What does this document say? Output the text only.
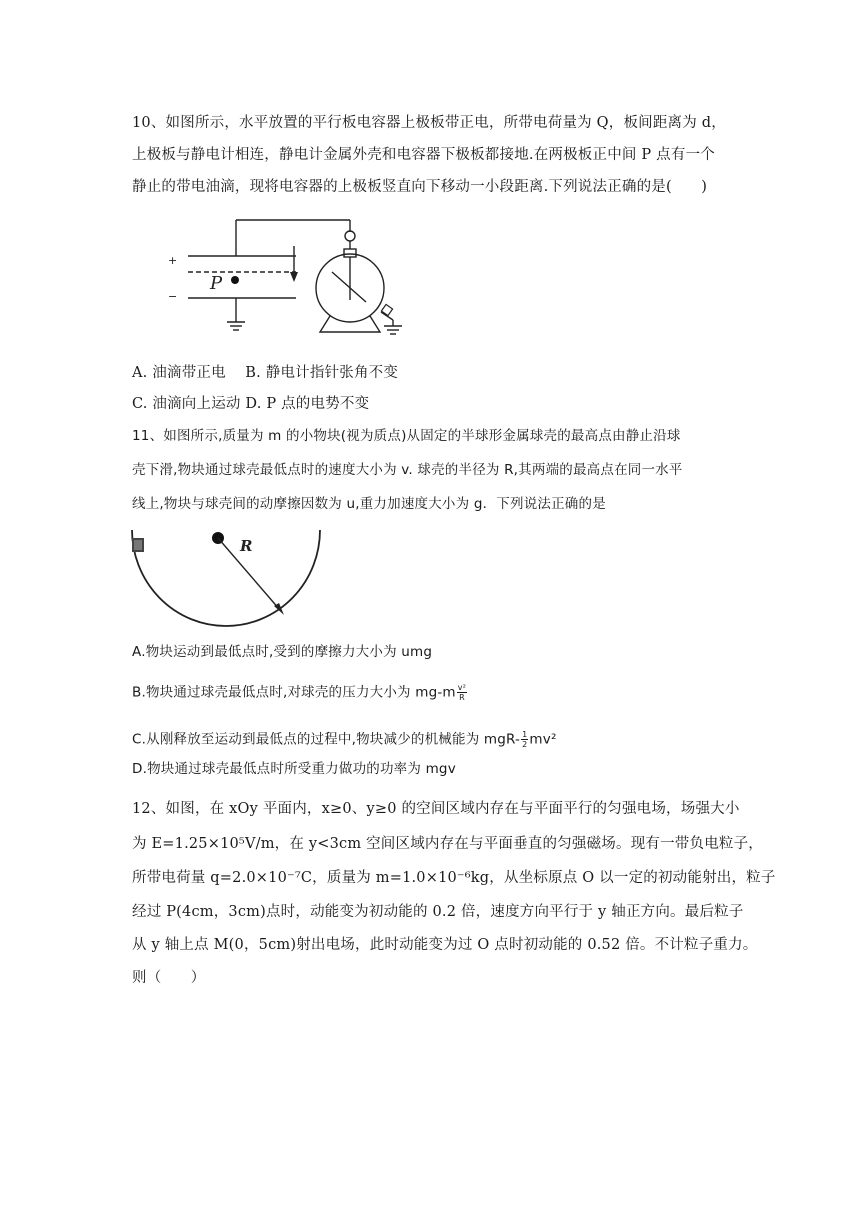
10、如图所示，水平放置的平行板电容器上极板带正电，所带电荷量为 Q，板间距离为 d，
上极板与静电计相连，静电计金属外壳和电容器下极板都接地.在两极板正中间 P 点有一个
静止的带电油滴，现将电容器的上极板竖直向下移动一小段距离.下列说法正确的是(　　)
+
−
P
A. 油滴带正电　 B. 静电计指针张角不变
C. 油滴向上运动 D. P 点的电势不变
11、如图所示,质量为 m 的小物块(视为质点)从固定的半球形金属球壳的最高点由静止沿球
壳下滑,物块通过球壳最低点时的速度大小为 v. 球壳的半径为 R,其两端的最高点在同一水平
线上,物块与球壳间的动摩擦因数为 u,重力加速度大小为 g．下列说法正确的是
R
A.物块运动到最低点时,受到的摩擦力大小为 umg
B.物块通过球壳最低点时,对球壳的压力大小为 $mg-m \frac{\text{v²}}{R}$
C.从刚释放至运动到最低点的过程中,物块减少的机械能为 $mgR- \frac{1}{2} mv^2$
D.物块通过球壳最低点时所受重力做功的功率为 mgv
12、如图，在 xOy 平面内，x≥0、y≥0 的空间区域内存在与平面平行的匀强电场，场强大小
为 E=1.25×10⁵V/m，在 y<3cm 空间区域内存在与平面垂直的匀强磁场。现有一带负电粒子，
所带电荷量 q=2.0×10⁻⁷C，质量为 m=1.0×10⁻⁶kg，从坐标原点 O 以一定的初动能射出，粒子
经过 P(4cm，3cm)点时，动能变为初动能的 0.2 倍，速度方向平行于 y 轴正方向。最后粒子
从 y 轴上点 M(0，5cm)射出电场，此时动能变为过 O 点时初动能的 0.52 倍。不计粒子重力。
则（　　）
